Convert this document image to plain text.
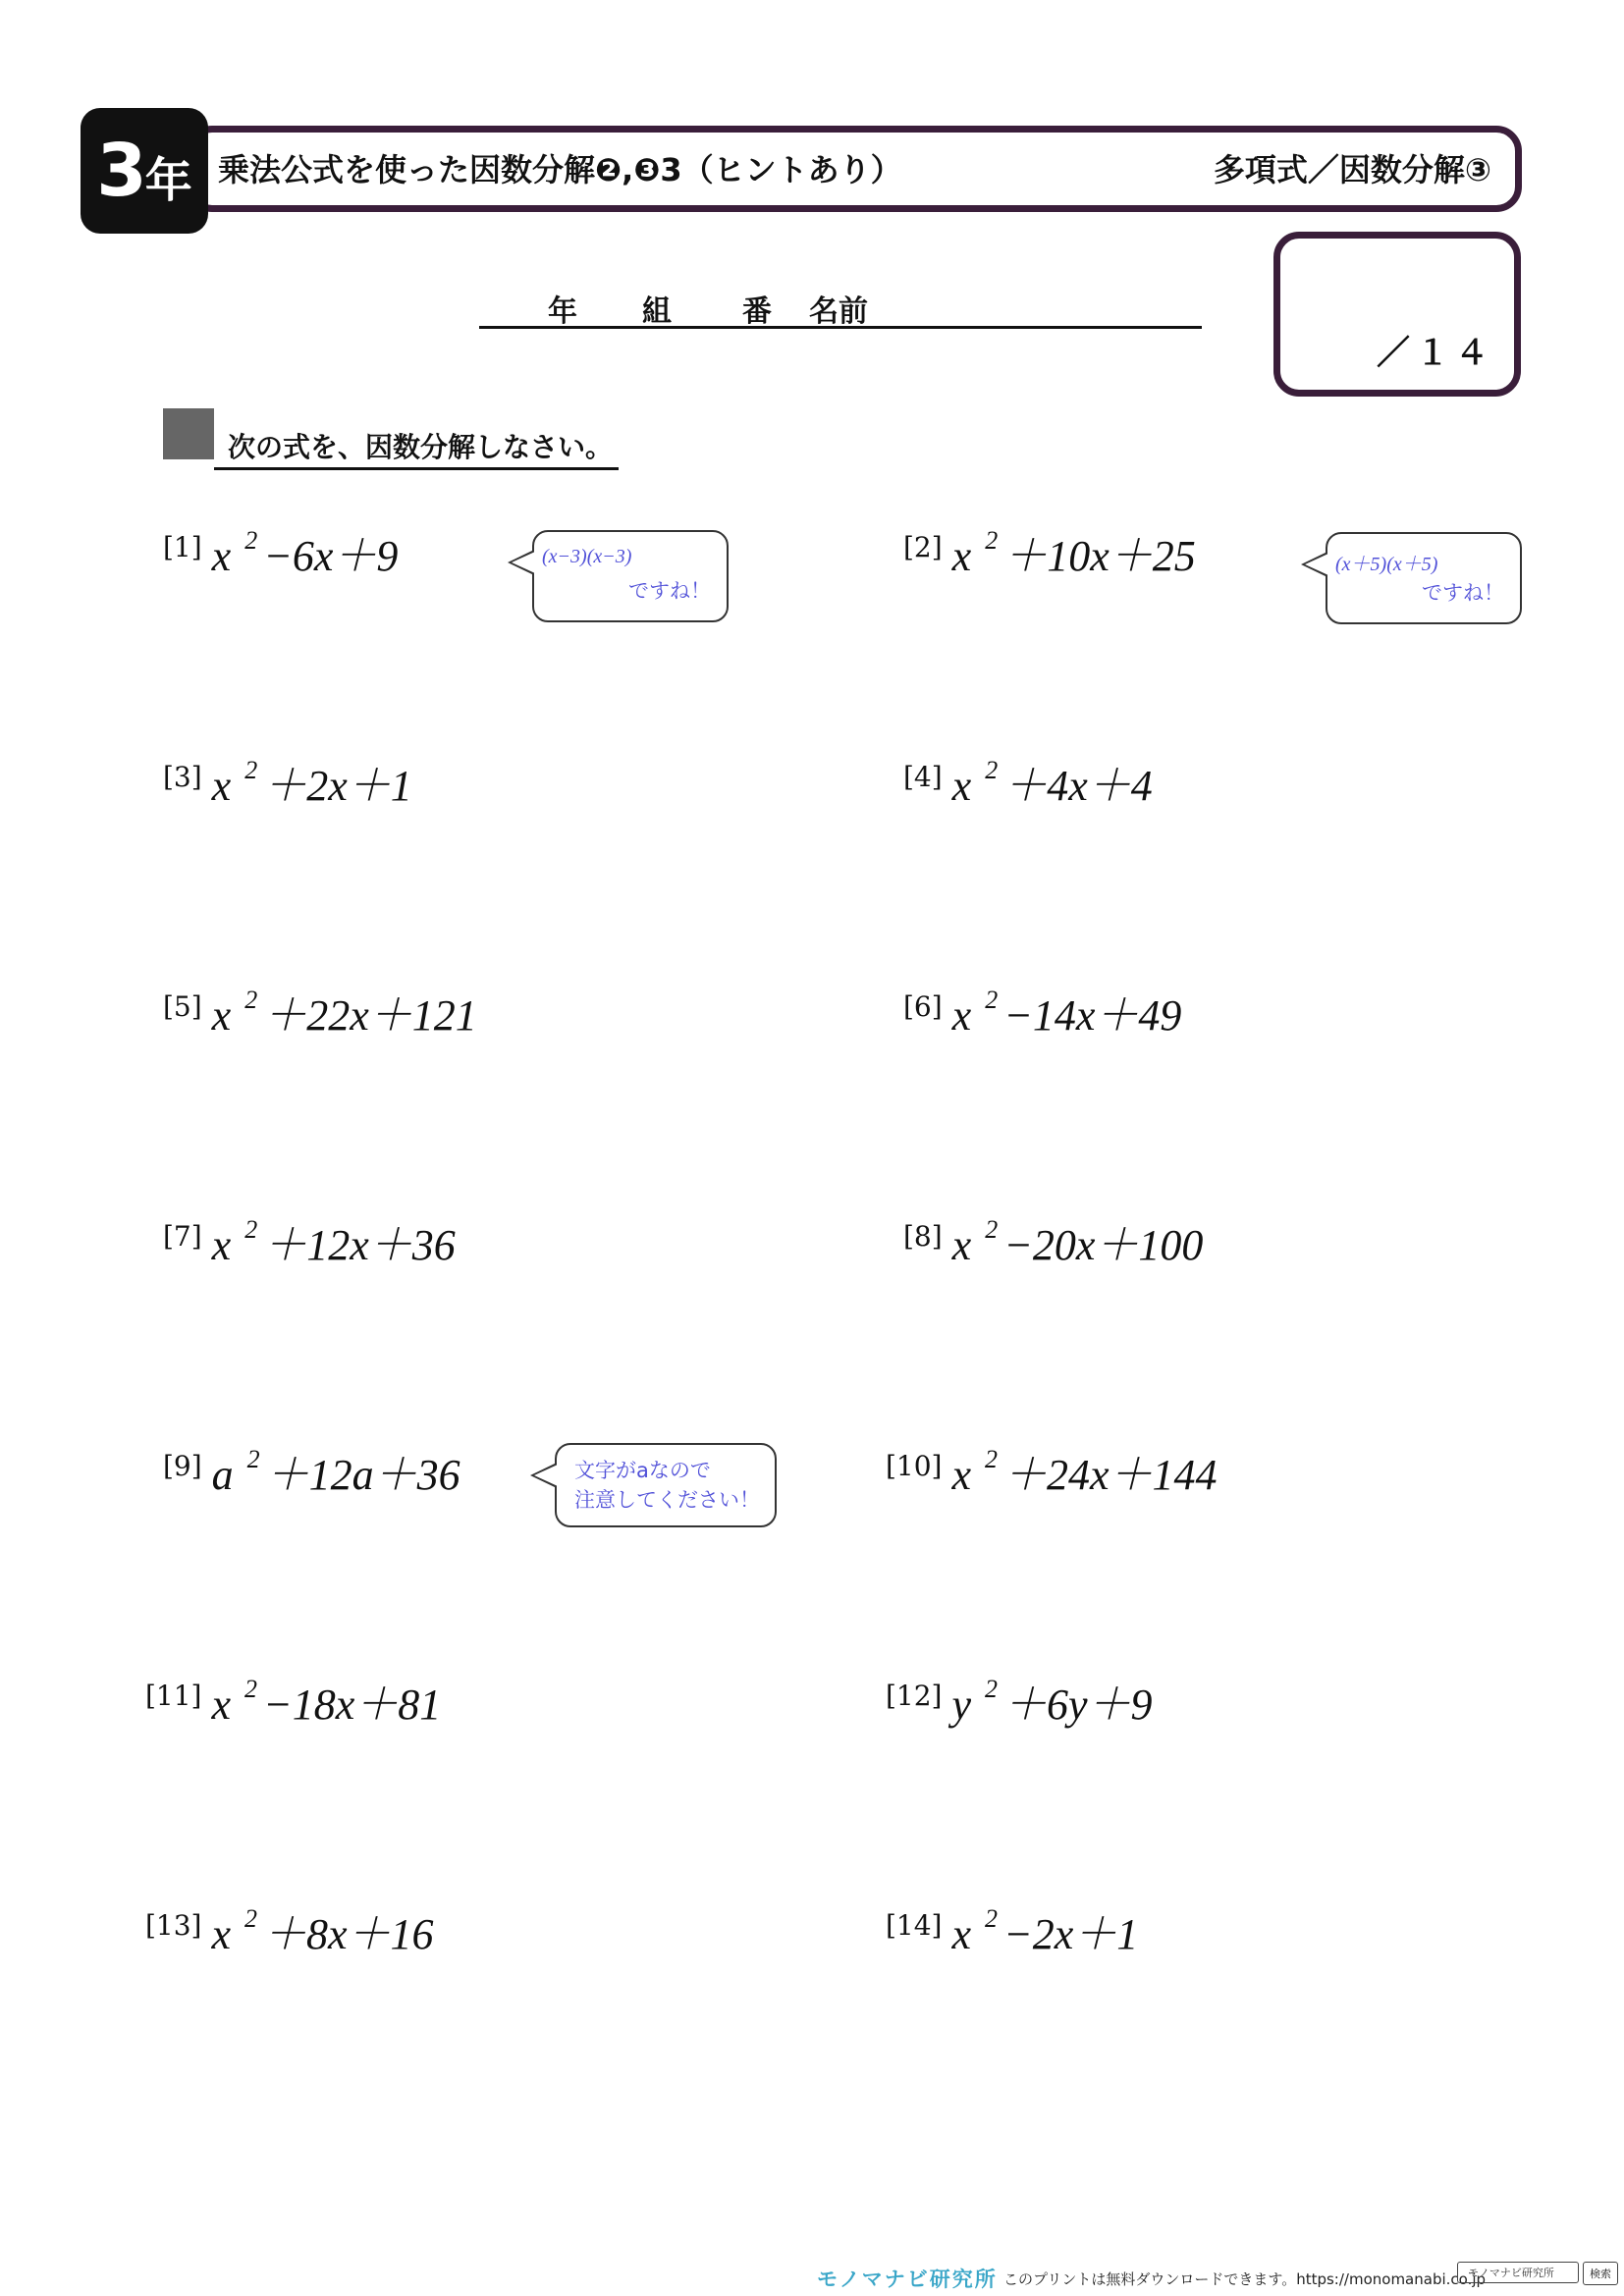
3 年 乗法公式を使った因数分解❷,❸3（ヒントあり）	多項式／因数分解③
／１４
年 組 番 名前
次の式を、因数分解しなさい。
[1] x $^2$ −6x＋9	[2] x $^2$ ＋10x＋25
[3] x $^2$ ＋2x＋1	[4] x $^2$ ＋4x＋4
[5] x $^2$ ＋22x＋121	[6] x $^2$ −14x＋49
[7] x $^2$ ＋12x＋36	[8] x $^2$ −20x＋100
[9] a $^2$ ＋12a＋36	[10] x $^2$ ＋24x＋144
[11] x $^2$ −18x＋81	[12] y $^2$ ＋6y＋9
[13] x $^2$ ＋8x＋16	[14] x $^2$ −2x＋1
(x−3)(x−3)
ですね！
(x＋5)(x＋5)
ですね！
文字がaなので
注意してください！
モノマナビ研究所 このプリントは無料ダウンロードできます。https://monomanabi.co.jp
モノマナビ研究所	検索
